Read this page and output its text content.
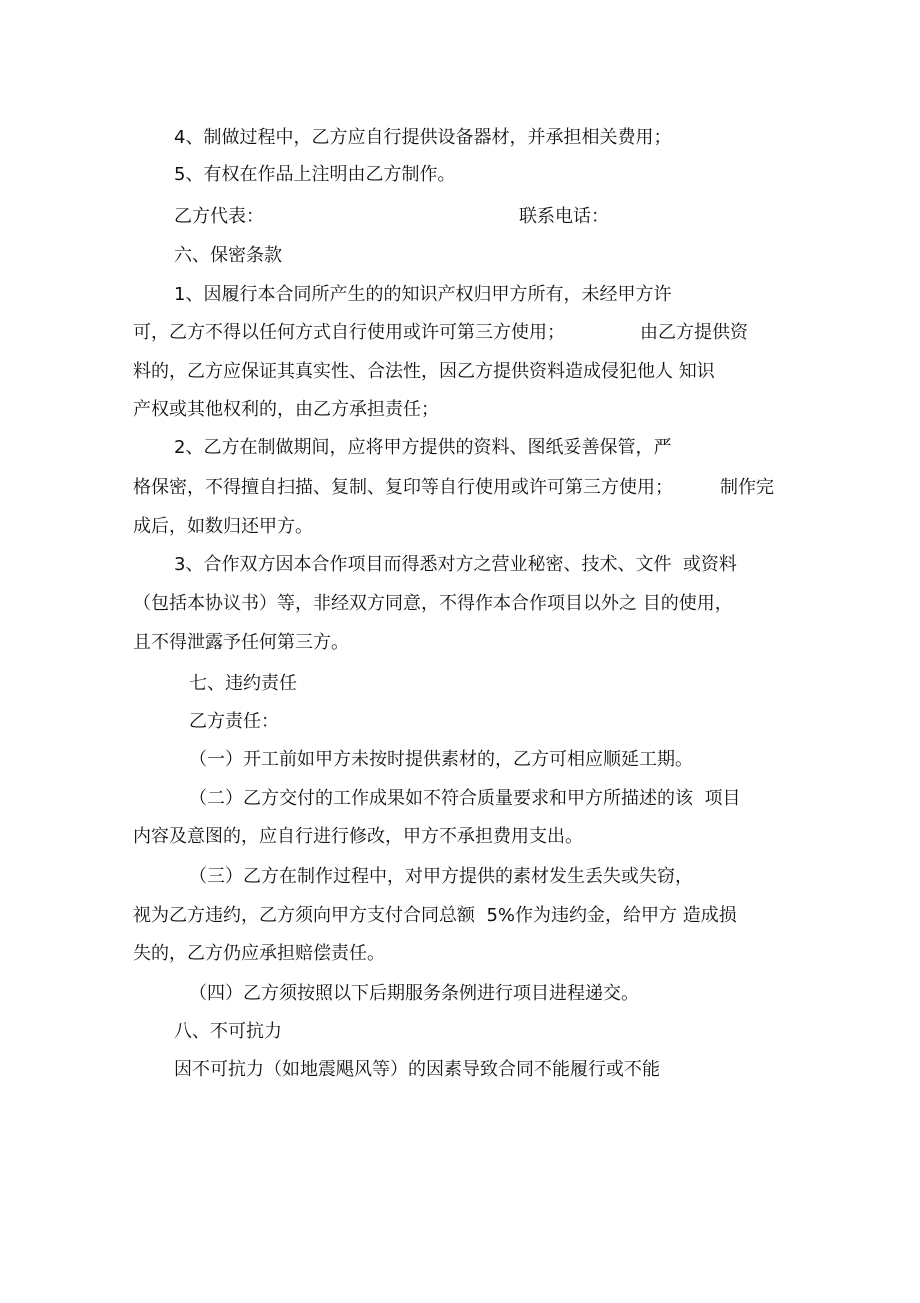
4、制做过程中，乙方应自行提供设备器材，并承担相关费用；

5、有权在作品上注明由乙方制作。

乙方代表：	联系电话：

六、保密条款

1、因履行本合同所产生的的知识产权归甲方所有，未经甲方许

可，乙方不得以任何方式自行使用或许可第三方使用；	由乙方提供资

料的，乙方应保证其真实性、合法性，因乙方提供资料造成侵犯他人 知识

产权或其他权利的，由乙方承担责任；

2、乙方在制做期间，应将甲方提供的资料、图纸妥善保管，严

格保密，不得擅自扫描、复制、复印等自行使用或许可第三方使用；	制作完

成后，如数归还甲方。

3、合作双方因本合作项目而得悉对方之营业秘密、技术、文件  或资料

（包括本协议书）等，非经双方同意，不得作本合作项目以外之 目的使用，

且不得泄露予任何第三方。

七、违约责任

乙方责任：

（一）开工前如甲方未按时提供素材的，乙方可相应顺延工期。

（二）乙方交付的工作成果如不符合质量要求和甲方所描述的该  项目

内容及意图的，应自行进行修改，甲方不承担费用支出。

（三）乙方在制作过程中，对甲方提供的素材发生丢失或失窃，

视为乙方违约，乙方须向甲方支付合同总额  5%作为违约金，给甲方 造成损

失的，乙方仍应承担赔偿责任。

（四）乙方须按照以下后期服务条例进行项目进程递交。

八、不可抗力

因不可抗力（如地震飓风等）的因素导致合同不能履行或不能
